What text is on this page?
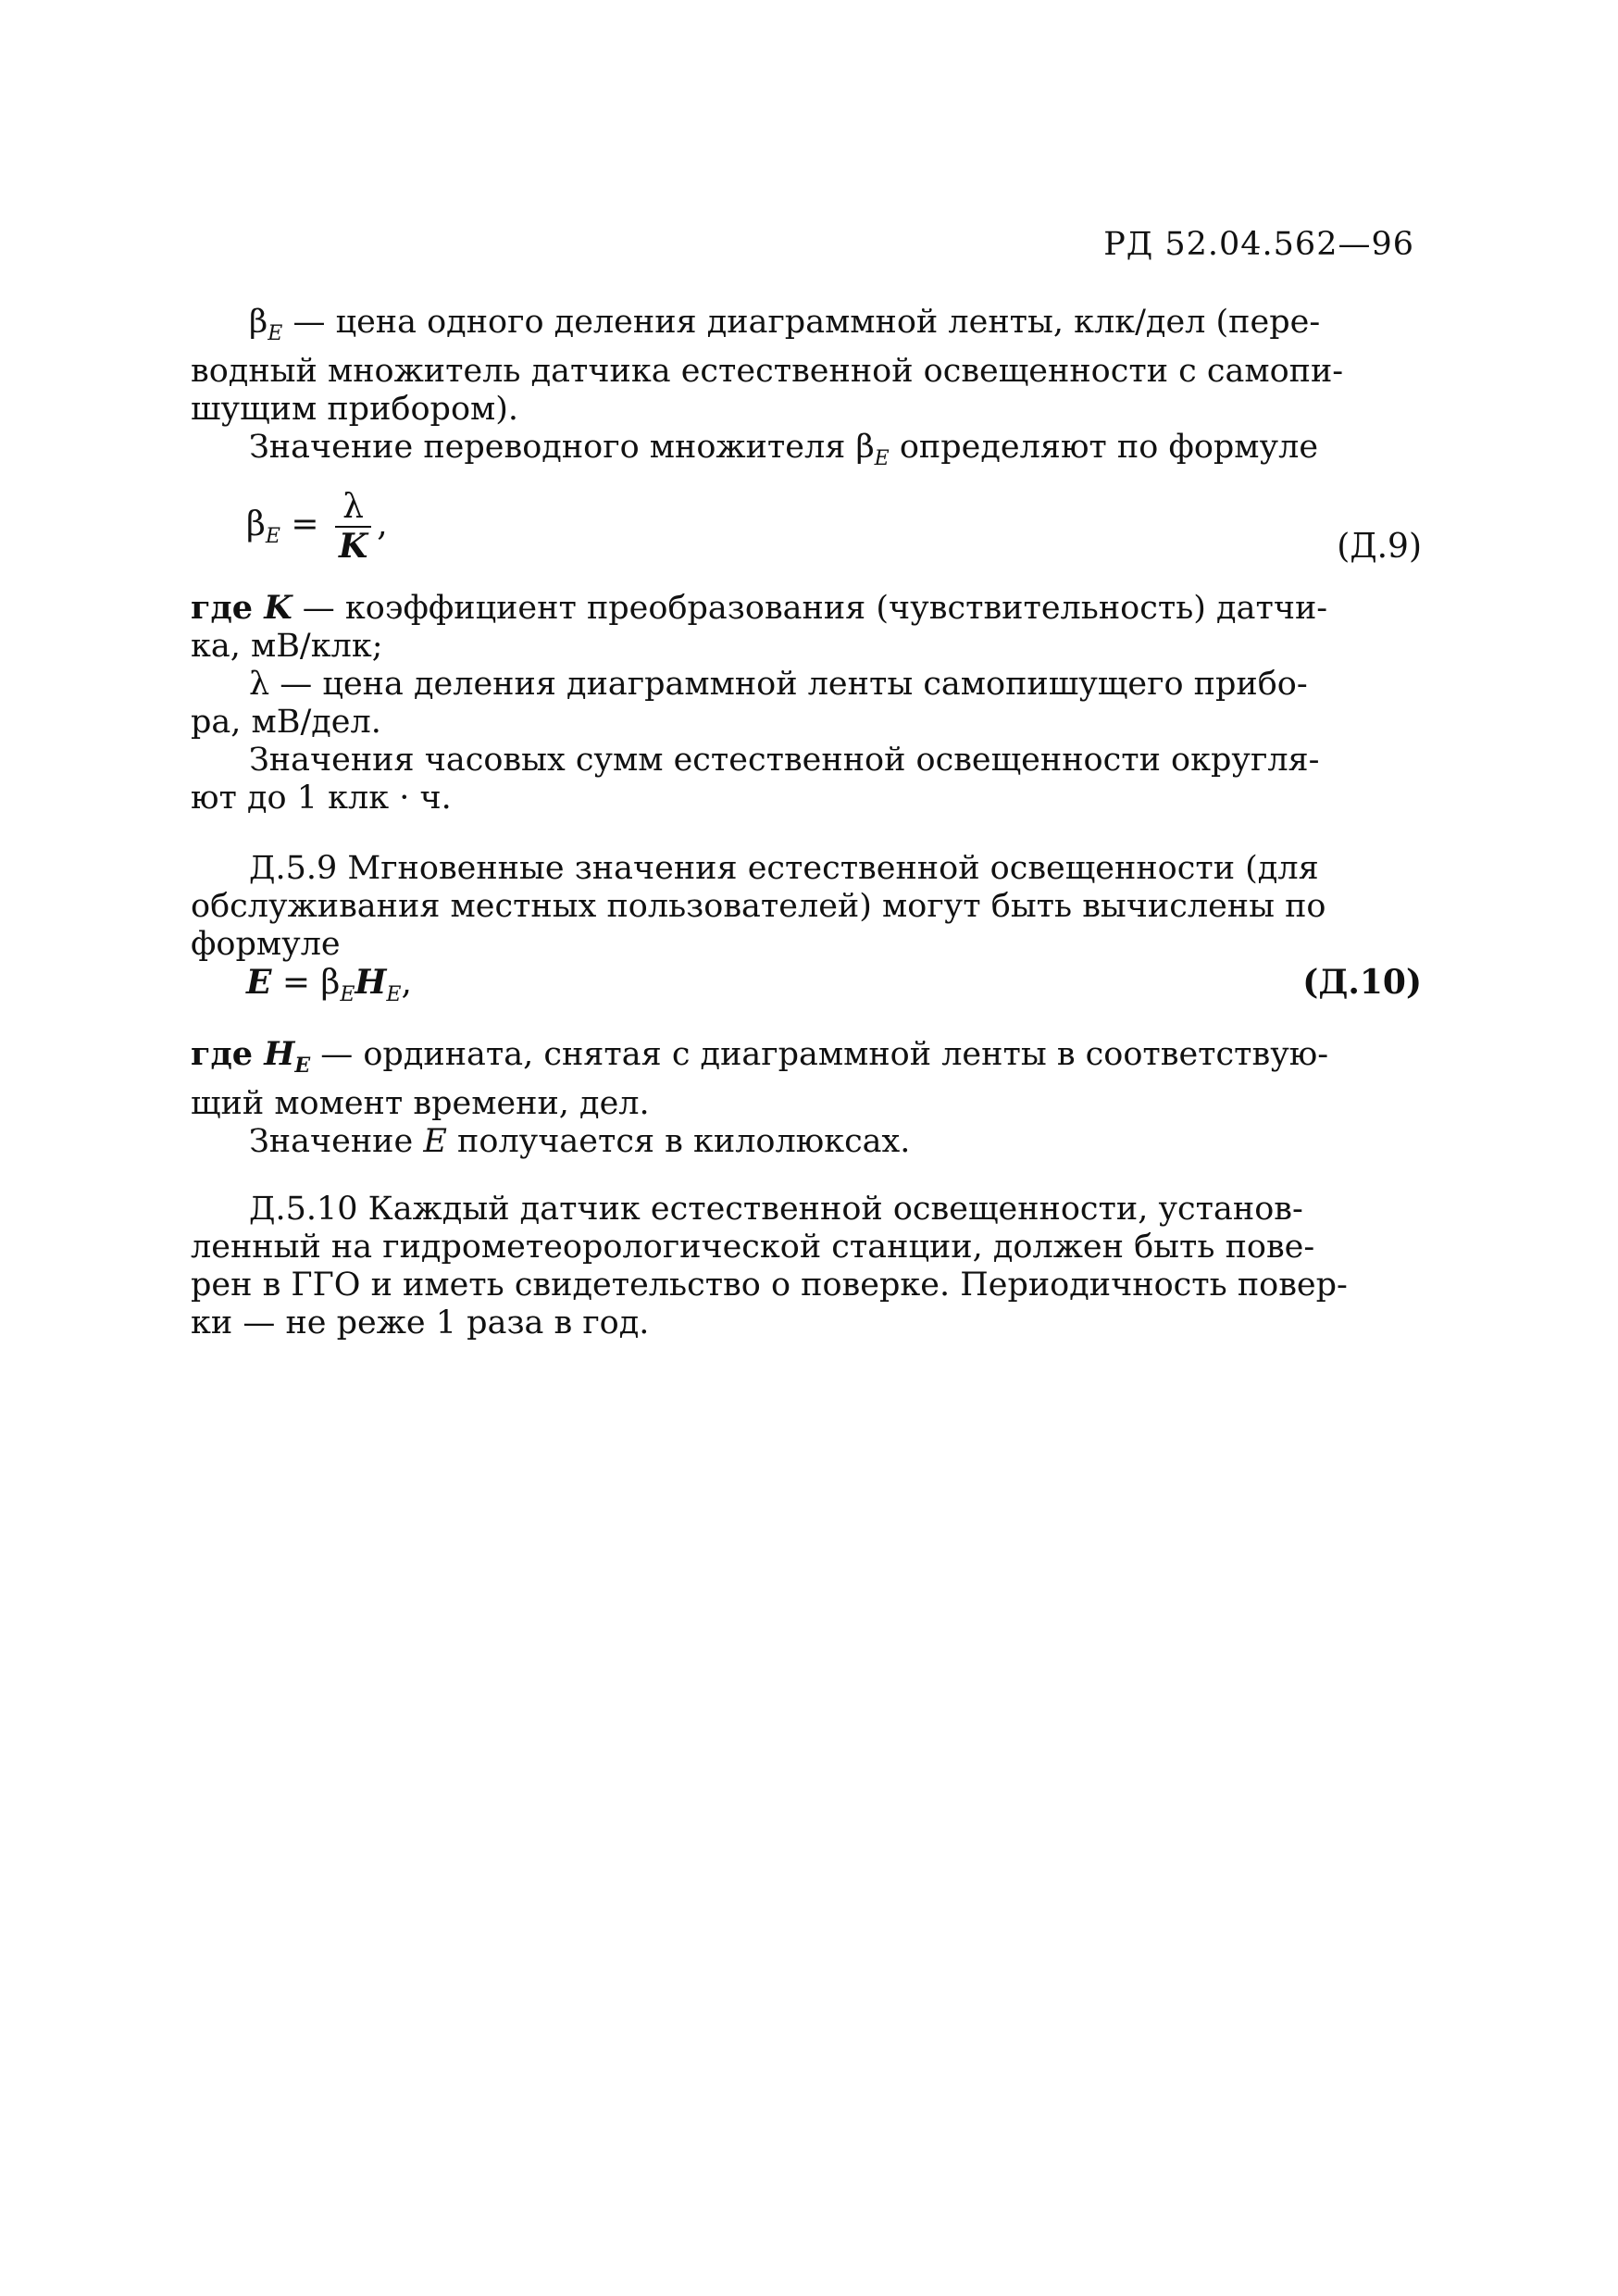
РД 52.04.562—96
$\beta_E$ — цена одного деления диаграммной ленты, клк/дел (пере-
водный множитель датчика естественной освещенности с самопи-
шущим прибором).
Значение переводного множителя $\beta_E$ определяют по формуле
$\beta_E = \frac{\lambda}{K}$ ,
(Д.9)
где K — коэффициент преобразования (чувствительность) датчи-
ка, мВ/клк;
λ — цена деления диаграммной ленты самопишущего прибо-
ра, мВ/дел.
Значения часовых сумм естественной освещенности округля-
ют до 1 клк · ч.
Д.5.9 Мгновенные значения естественной освещенности (для
обслуживания местных пользователей) могут быть вычислены по
формуле
$E = \beta_EH_E$,	(Д.10)
где $H_E$ — ордината, снятая с диаграммной ленты в соответствую-
щий момент времени, дел.
Значение E получается в килолюксах.
Д.5.10 Каждый датчик естественной освещенности, установ-
ленный на гидрометеорологической станции, должен быть пове-
рен в ГГО и иметь свидетельство о поверке. Периодичность повер-
ки — не реже 1 раза в год.
